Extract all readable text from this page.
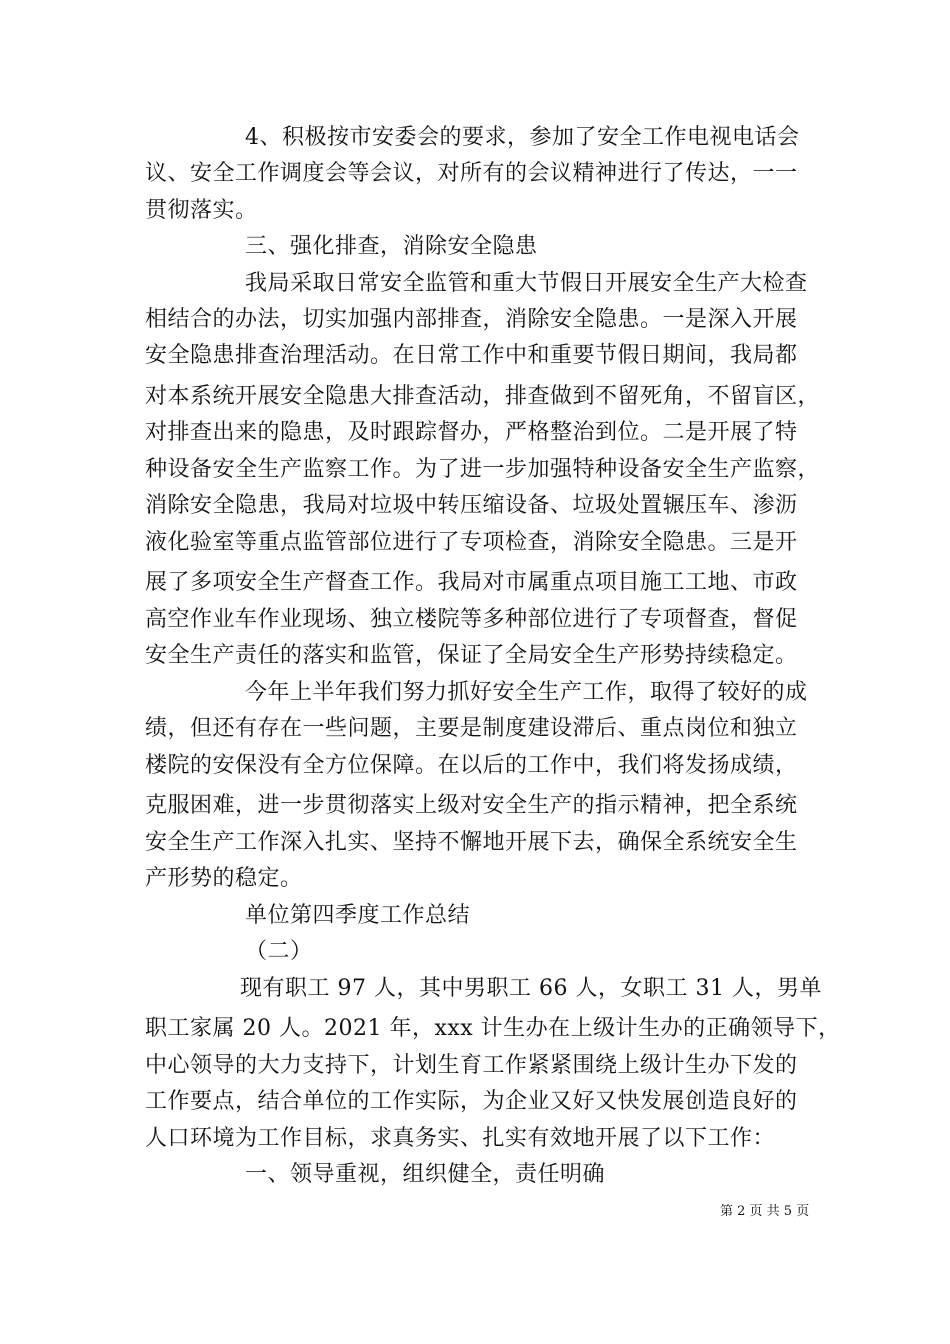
4、积极按市安委会的要求，参加了安全工作电视电话会
议、安全工作调度会等会议，对所有的会议精神进行了传达，一一
贯彻落实。
三、强化排查，消除安全隐患
我局采取日常安全监管和重大节假日开展安全生产大检查
相结合的办法，切实加强内部排查，消除安全隐患。一是深入开展
安全隐患排查治理活动。在日常工作中和重要节假日期间，我局都
对本系统开展安全隐患大排查活动，排查做到不留死角，不留盲区，
对排查出来的隐患，及时跟踪督办，严格整治到位。二是开展了特
种设备安全生产监察工作。为了进一步加强特种设备安全生产监察，
消除安全隐患，我局对垃圾中转压缩设备、垃圾处置辗压车、渗沥
液化验室等重点监管部位进行了专项检查，消除安全隐患。三是开
展了多项安全生产督查工作。我局对市属重点项目施工工地、市政
高空作业车作业现场、独立楼院等多种部位进行了专项督查，督促
安全生产责任的落实和监管，保证了全局安全生产形势持续稳定。
今年上半年我们努力抓好安全生产工作，取得了较好的成
绩，但还有存在一些问题，主要是制度建设滞后、重点岗位和独立
楼院的安保没有全方位保障。在以后的工作中，我们将发扬成绩，
克服困难，进一步贯彻落实上级对安全生产的指示精神，把全系统
安全生产工作深入扎实、坚持不懈地开展下去，确保全系统安全生
产形势的稳定。
单位第四季度工作总结
（二）
现有职工 97 人，其中男职工 66 人，女职工 31 人，男单
职工家属 20 人。2021 年，xxx 计生办在上级计生办的正确领导下，
中心领导的大力支持下，计划生育工作紧紧围绕上级计生办下发的
工作要点，结合单位的工作实际，为企业又好又快发展创造良好的
人口环境为工作目标，求真务实、扎实有效地开展了以下工作：
一、领导重视，组织健全，责任明确
第 2 页 共 5 页
